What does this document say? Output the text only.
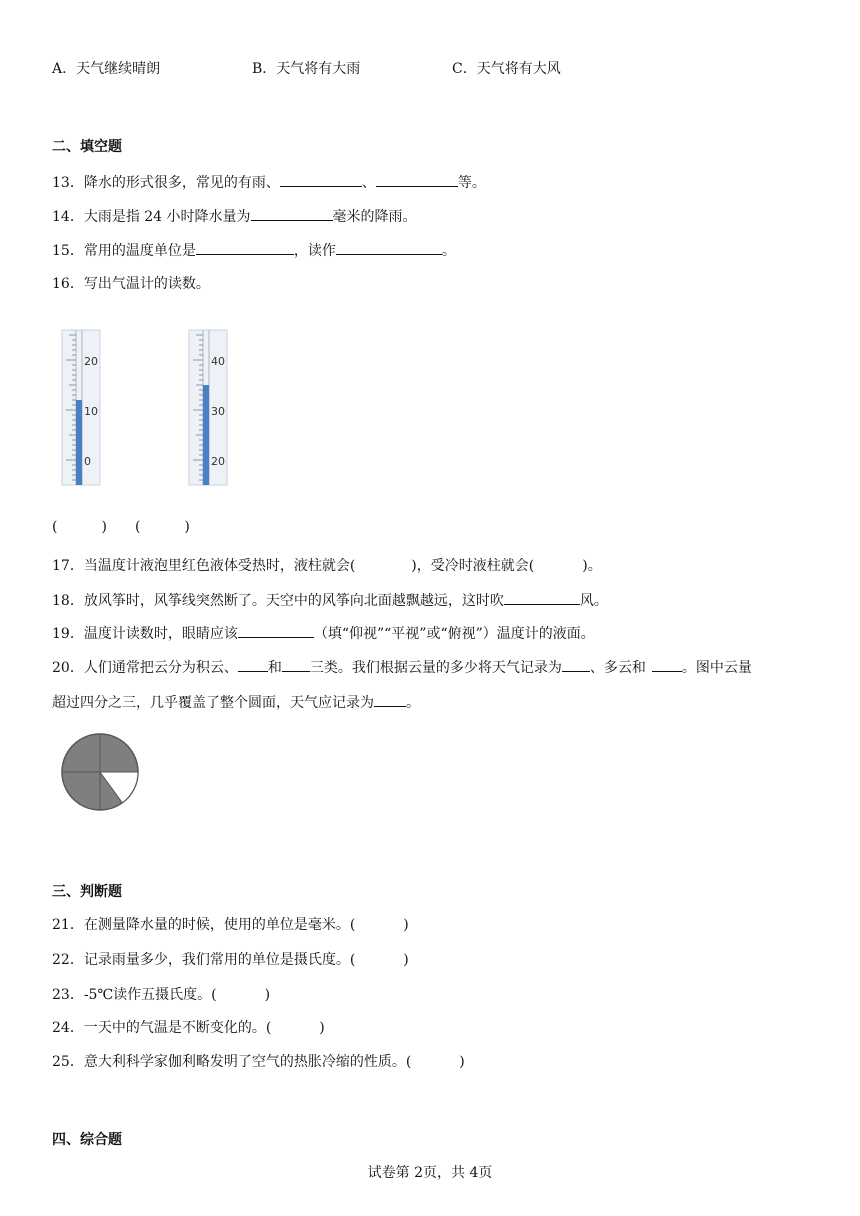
A．天气继续晴朗	B．天气将有大雨	C．天气将有大风
二、填空题
13．降水的形式很多，常见的有雨、	、	等。
14．大雨是指 24 小时降水量为	毫米的降雨。
15．常用的温度单位是	，读作	。
16．写出气温计的读数。
20
10
0
40
30
20
(	) (	)
17．当温度计液泡里红色液体受热时，液柱就会(	)，受冷时液柱就会(	)。
18．放风筝时，风筝线突然断了。天空中的风筝向北面越飘越远，这时吹	风。
19．温度计读数时，眼睛应该	（填“仰视”“平视”或“俯视”）温度计的液面。
20．人们通常把云分为积云、 和 三类。我们根据云量的多少将天气记录为 、多云和	。图中云量
超过四分之三，几乎覆盖了整个圆面，天气应记录为 。
三、判断题
21．在测量降水量的时候，使用的单位是毫米。(	)
22．记录雨量多少，我们常用的单位是摄氏度。(	)
23．-5℃读作五摄氏度。(	)
24．一天中的气温是不断变化的。(	)
25．意大利科学家伽利略发明了空气的热胀冷缩的性质。(	)
四、综合题
试卷第 2页，共 4页
